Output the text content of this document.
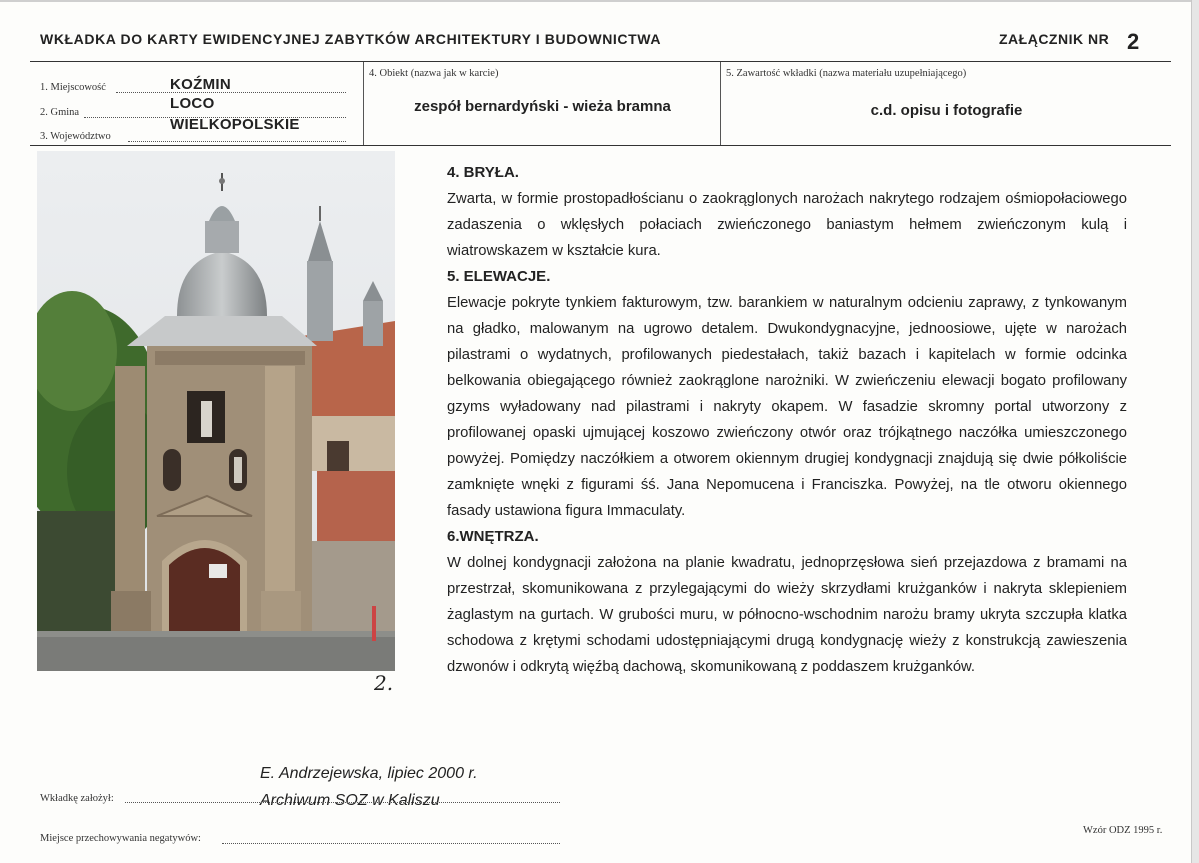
WKŁADKA DO KARTY EWIDENCYJNEJ ZABYTKÓW ARCHITEKTURY I BUDOWNICTWA	ZAŁĄCZNIK NR 2
1. Miejscowość	KOŹMIN
2. Gmina
LOCO
3. Województwo
WIELKOPOLSKIE
4. Obiekt (nazwa jak w karcie)
zespół bernardyński - wieża bramna
5. Zawartość wkładki (nazwa materiału uzupełniającego)
c.d. opisu i fotografie
2.
4. BRYŁA.
Zwarta, w formie prostopadłościanu o zaokrąglonych narożach nakrytego rodzajem ośmiopołaciowego zadaszenia o wklęsłych połaciach zwieńczonego baniastym hełmem zwieńczonym kulą i wiatrowskazem w kształcie kura.
5. ELEWACJE.
Elewacje pokryte tynkiem fakturowym, tzw. barankiem w naturalnym odcieniu zaprawy, z tynkowanym na gładko, malowanym na ugrowo detalem. Dwukondygnacyjne, jednoosiowe, ujęte w narożach pilastrami o wydatnych, profilowanych piedestałach, takiż bazach i kapitelach w formie odcinka belkowania obiegającego również zaokrąglone narożniki. W zwieńczeniu elewacji bogato profilowany gzyms wyładowany nad pilastrami i nakryty okapem. W fasadzie skromny portal utworzony z profilowanej opaski ujmującej koszowo zwieńczony otwór oraz trójkątnego naczółka umieszczonego powyżej. Pomiędzy naczółkiem a otworem okiennym drugiej kondygnacji znajdują się dwie półkoliście zamknięte wnęki z figurami śś. Jana Nepomucena i Franciszka. Powyżej, na tle otworu okiennego fasady ustawiona figura Immaculaty.
6.WNĘTRZA.
W dolnej kondygnacji założona na planie kwadratu, jednoprzęsłowa sień przejazdowa z bramami na przestrzał, skomunikowana z przylegającymi do wieży skrzydłami krużganków i nakryta sklepieniem żaglastym na gurtach. W grubości muru, w północno-wschodnim narożu bramy ukryta szczupła klatka schodowa z krętymi schodami udostępniającymi drugą kondygnację wieży z konstrukcją zawieszenia dzwonów i odkrytą więźbą dachową, skomunikowaną z poddaszem krużganków.
E. Andrzejewska, lipiec 2000 r.
Archiwum SOZ w Kaliszu
Wkładkę założył:
Miejsce przechowywania negatywów:
Wzór ODZ 1995 r.
